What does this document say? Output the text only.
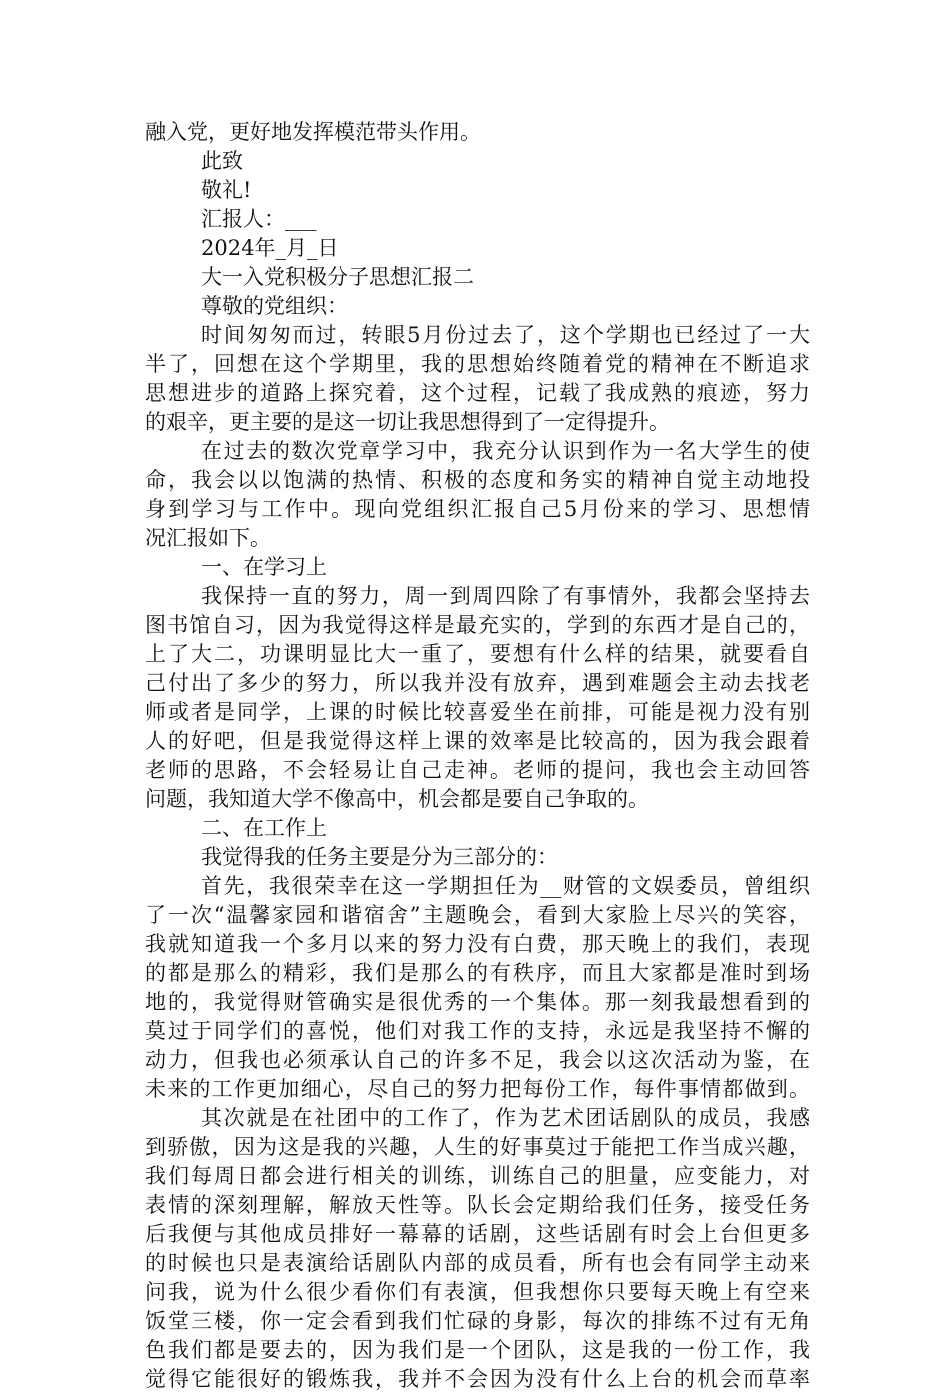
融入党，更好地发挥模范带头作用。
此致
敬礼!
汇报人：___
2024年_月_日
大一入党积极分子思想汇报二
尊敬的党组织：
时间匆匆而过，转眼5月份过去了，这个学期也已经过了一大
半了，回想在这个学期里，我的思想始终随着党的精神在不断追求
思想进步的道路上探究着，这个过程，记载了我成熟的痕迹，努力
的艰辛，更主要的是这一切让我思想得到了一定得提升。
在过去的数次党章学习中，我充分认识到作为一名大学生的使
命，我会以以饱满的热情、积极的态度和务实的精神自觉主动地投
身到学习与工作中。现向党组织汇报自己5月份来的学习、思想情
况汇报如下。
一、在学习上
我保持一直的努力，周一到周四除了有事情外，我都会坚持去
图书馆自习，因为我觉得这样是最充实的，学到的东西才是自己的，
上了大二，功课明显比大一重了，要想有什么样的结果，就要看自
己付出了多少的努力，所以我并没有放弃，遇到难题会主动去找老
师或者是同学，上课的时候比较喜爱坐在前排，可能是视力没有别
人的好吧，但是我觉得这样上课的效率是比较高的，因为我会跟着
老师的思路，不会轻易让自己走神。老师的提问，我也会主动回答
问题，我知道大学不像高中，机会都是要自己争取的。
二、在工作上
我觉得我的任务主要是分为三部分的：
首先，我很荣幸在这一学期担任为__财管的文娱委员，曾组织
了一次“温馨家园和谐宿舍”主题晚会，看到大家脸上尽兴的笑容，
我就知道我一个多月以来的努力没有白费，那天晚上的我们，表现
的都是那么的精彩，我们是那么的有秩序，而且大家都是准时到场
地的，我觉得财管确实是很优秀的一个集体。那一刻我最想看到的
莫过于同学们的喜悦，他们对我工作的支持，永远是我坚持不懈的
动力，但我也必须承认自己的许多不足，我会以这次活动为鉴，在
未来的工作更加细心，尽自己的努力把每份工作，每件事情都做到。
其次就是在社团中的工作了，作为艺术团话剧队的成员，我感
到骄傲，因为这是我的兴趣，人生的好事莫过于能把工作当成兴趣，
我们每周日都会进行相关的训练，训练自己的胆量，应变能力，对
表情的深刻理解，解放天性等。队长会定期给我们任务，接受任务
后我便与其他成员排好一幕幕的话剧，这些话剧有时会上台但更多
的时候也只是表演给话剧队内部的成员看，所有也会有同学主动来
问我，说为什么很少看你们有表演，但我想你只要每天晚上有空来
饭堂三楼，你一定会看到我们忙碌的身影，每次的排练不过有无角
色我们都是要去的，因为我们是一个团队，这是我的一份工作，我
觉得它能很好的锻炼我，我并不会因为没有什么上台的机会而草率
